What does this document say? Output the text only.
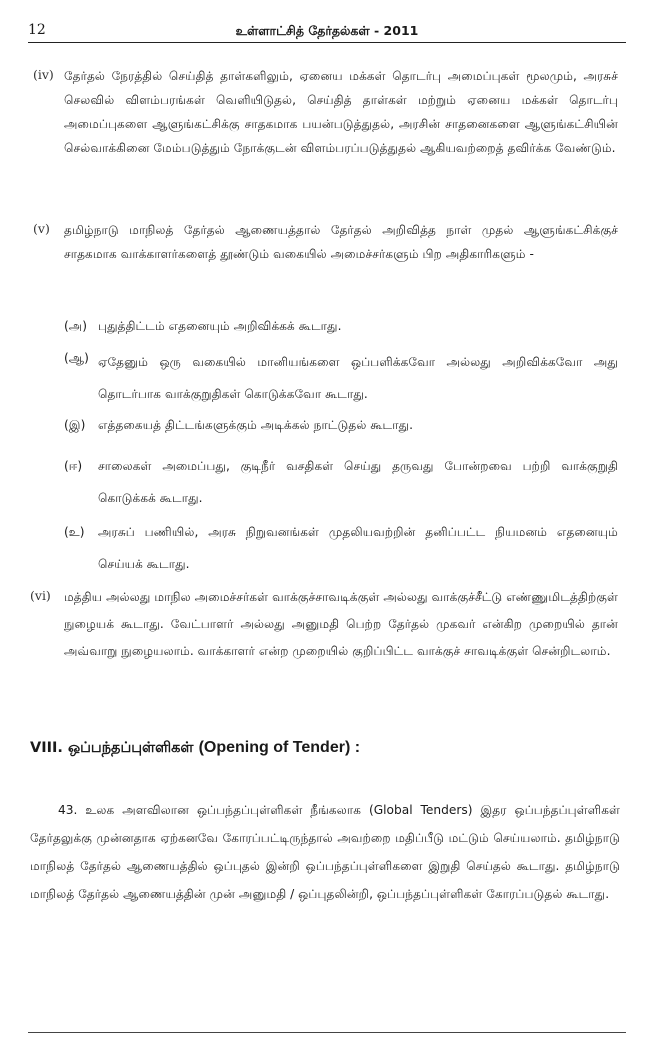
12	உள்ளாட்சித் தேர்தல்கள் - 2011
(iv) தேர்தல் நேரத்தில் செய்தித் தாள்களிலும், ஏனைய மக்கள் தொடர்பு அமைப்புகள் மூலமும், அரசுச் செலவில் விளம்பரங்கள் வெளியிடுதல், செய்தித் தாள்கள் மற்றும் ஏனைய மக்கள் தொடர்பு அமைப்புகளை ஆளுங்கட்சிக்கு சாதகமாக பயன்படுத்துதல், அரசின் சாதனைகளை ஆளுங்கட்சியின் செல்வாக்கினை மேம்படுத்தும் நோக்குடன் விளம்பரப்படுத்துதல் ஆகியவற்றைத் தவிர்க்க வேண்டும்.
(v) தமிழ்நாடு மாநிலத் தேர்தல் ஆணையத்தால் தேர்தல் அறிவித்த நாள் முதல் ஆளுங்கட்சிக்குச் சாதகமாக வாக்காளர்களைத் தூண்டும் வகையில் அமைச்சர்களும் பிற அதிகாரிகளும் -
(அ) புதுத்திட்டம் எதனையும் அறிவிக்கக் கூடாது.
(ஆ) ஏதேனும் ஒரு வகையில் மானியங்களை ஒப்பளிக்கவோ அல்லது அறிவிக்கவோ அது தொடர்பாக வாக்குறுதிகள் கொடுக்கவோ கூடாது.
(இ) எத்தகையத் திட்டங்களுக்கும் அடிக்கல் நாட்டுதல் கூடாது.
(ஈ) சாலைகள் அமைப்பது, குடிநீர் வசதிகள் செய்து தருவது போன்றவை பற்றி வாக்குறுதி கொடுக்கக் கூடாது.
(உ) அரசுப் பணியில், அரசு நிறுவனங்கள் முதலியவற்றின் தனிப்பட்ட நியமனம் எதனையும் செய்யக் கூடாது.
(vi) மத்திய அல்லது மாநில அமைச்சர்கள் வாக்குச்சாவடிக்குள் அல்லது வாக்குச்சீட்டு எண்ணுமிடத்திற்குள் நுழையக் கூடாது. வேட்பாளர் அல்லது அனுமதி பெற்ற தேர்தல் முகவர் என்கிற முறையில் தான் அவ்வாறு நுழையலாம். வாக்காளர் என்ற முறையில் குறிப்பிட்ட வாக்குச் சாவடிக்குள் சென்றிடலாம்.
VIII. ஒப்பந்தப்புள்ளிகள் (Opening of Tender) :
43. உலக அளவிலான ஒப்பந்தப்புள்ளிகள் நீங்கலாக (Global Tenders) இதர ஒப்பந்தப்புள்ளிகள் தேர்தலுக்கு முன்னதாக ஏற்கனவே கோரப்பட்டிருந்தால் அவற்றை மதிப்பீடு மட்டும் செய்யலாம். தமிழ்நாடு மாநிலத் தேர்தல் ஆணையத்தில் ஒப்புதல் இன்றி ஒப்பந்தப்புள்ளிகளை இறுதி செய்தல் கூடாது. தமிழ்நாடு மாநிலத் தேர்தல் ஆணையத்தின் முன் அனுமதி / ஒப்புதலின்றி, ஒப்பந்தப்புள்ளிகள் கோரப்படுதல் கூடாது.
